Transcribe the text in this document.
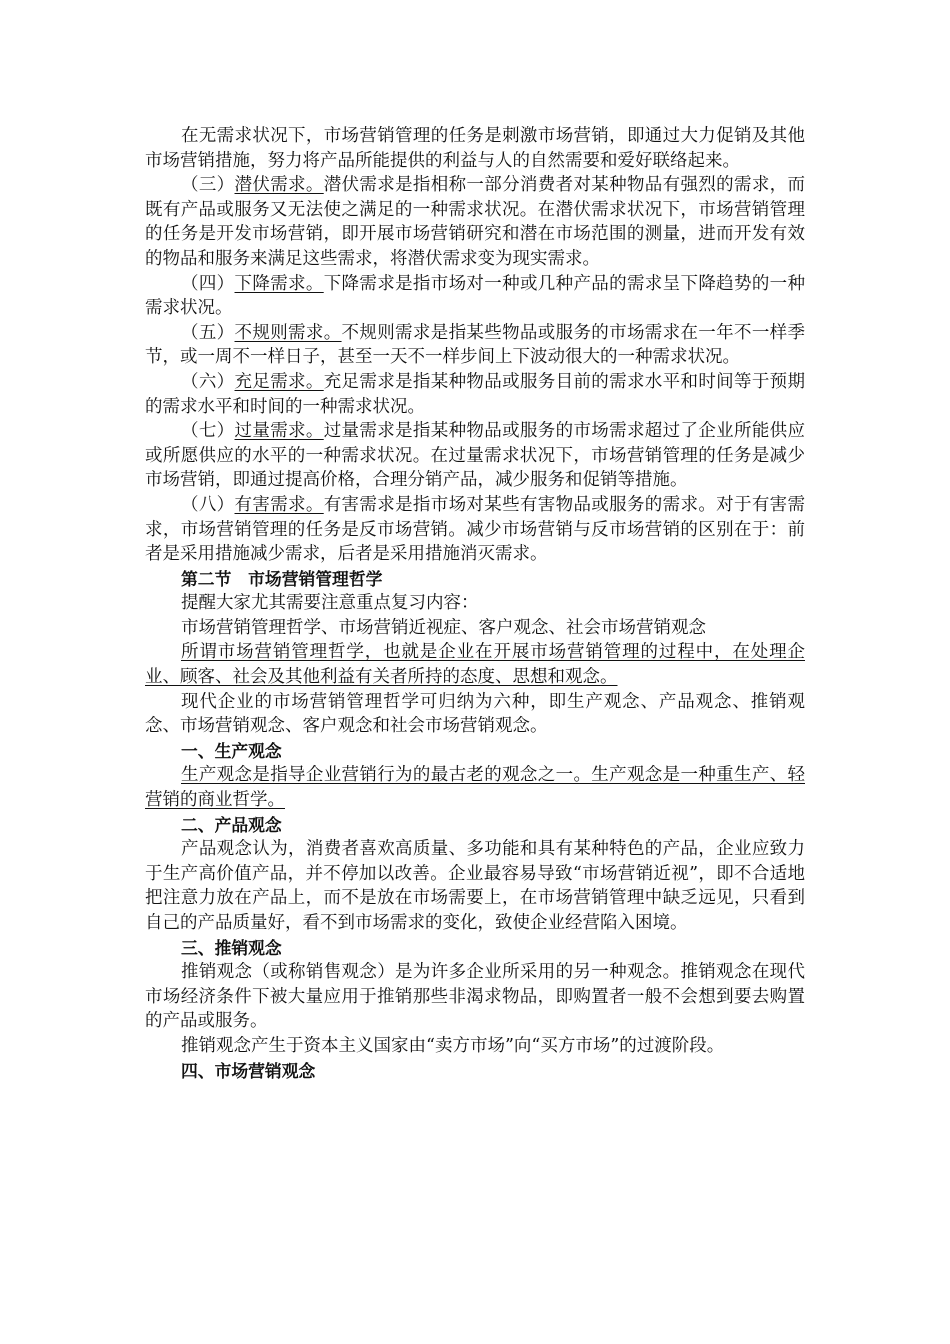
在无需求状况下，市场营销管理的任务是刺激市场营销，即通过大力促销及其他市场营销措施，努力将产品所能提供的利益与人的自然需要和爱好联络起来。

（三）潜伏需求。潜伏需求是指相称一部分消费者对某种物品有强烈的需求，而既有产品或服务又无法使之满足的一种需求状况。在潜伏需求状况下，市场营销管理的任务是开发市场营销，即开展市场营销研究和潜在市场范围的测量，进而开发有效的物品和服务来满足这些需求，将潜伏需求变为现实需求。

（四）下降需求。下降需求是指市场对一种或几种产品的需求呈下降趋势的一种需求状况。

（五）不规则需求。不规则需求是指某些物品或服务的市场需求在一年不一样季节，或一周不一样日子，甚至一天不一样步间上下波动很大的一种需求状况。

（六）充足需求。充足需求是指某种物品或服务目前的需求水平和时间等于预期的需求水平和时间的一种需求状况。

（七）过量需求。过量需求是指某种物品或服务的市场需求超过了企业所能供应或所愿供应的水平的一种需求状况。在过量需求状况下，市场营销管理的任务是减少市场营销，即通过提高价格，合理分销产品，减少服务和促销等措施。

（八）有害需求。有害需求是指市场对某些有害物品或服务的需求。对于有害需求，市场营销管理的任务是反市场营销。减少市场营销与反市场营销的区别在于：前者是采用措施减少需求，后者是采用措施消灭需求。

第二节　市场营销管理哲学

提醒大家尤其需要注意重点复习内容：

市场营销管理哲学、市场营销近视症、客户观念、社会市场营销观念

所谓市场营销管理哲学，也就是企业在开展市场营销管理的过程中，在处理企业、顾客、社会及其他利益有关者所持的态度、思想和观念。

现代企业的市场营销管理哲学可归纳为六种，即生产观念、产品观念、推销观念、市场营销观念、客户观念和社会市场营销观念。

一、生产观念

生产观念是指导企业营销行为的最古老的观念之一。生产观念是一种重生产、轻营销的商业哲学。

二、产品观念

产品观念认为，消费者喜欢高质量、多功能和具有某种特色的产品，企业应致力于生产高价值产品，并不停加以改善。企业最容易导致“市场营销近视”，即不合适地把注意力放在产品上，而不是放在市场需要上，在市场营销管理中缺乏远见，只看到自己的产品质量好，看不到市场需求的变化，致使企业经营陷入困境。

三、推销观念

推销观念（或称销售观念）是为许多企业所采用的另一种观念。推销观念在现代市场经济条件下被大量应用于推销那些非渴求物品，即购置者一般不会想到要去购置的产品或服务。

推销观念产生于资本主义国家由“卖方市场”向“买方市场”的过渡阶段。

四、市场营销观念
